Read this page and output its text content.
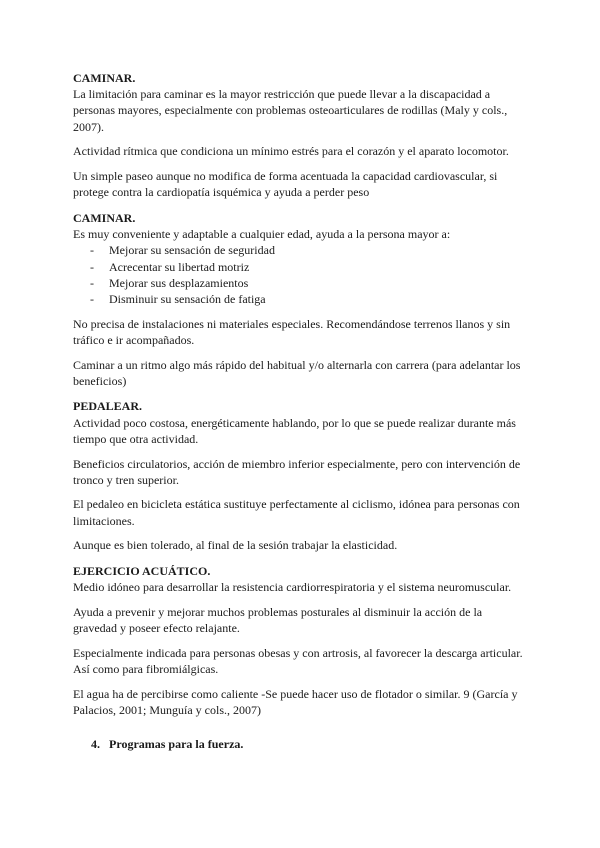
CAMINAR.

La limitación para caminar es la mayor restricción que puede llevar a la discapacidad a personas mayores, especialmente con problemas osteoarticulares de rodillas (Maly y cols., 2007).

Actividad rítmica que condiciona un mínimo estrés para el corazón y el aparato locomotor.

Un simple paseo aunque no modifica de forma acentuada la capacidad cardiovascular, si protege contra la cardiopatía isquémica y ayuda a perder peso

CAMINAR.

Es muy conveniente y adaptable a cualquier edad, ayuda a la persona mayor a:

- Mejorar su sensación de seguridad
- Acrecentar su libertad motriz
- Mejorar sus desplazamientos
- Disminuir su sensación de fatiga

No precisa de instalaciones ni materiales especiales. Recomendándose terrenos llanos y sin tráfico e ir acompañados.

Caminar a un ritmo algo más rápido del habitual y/o alternarla con carrera (para adelantar los beneficios)

PEDALEAR.

Actividad poco costosa, energéticamente hablando, por lo que se puede realizar durante más tiempo que otra actividad.

Beneficios circulatorios, acción de miembro inferior especialmente, pero con intervención de tronco y tren superior.

El pedaleo en bicicleta estática sustituye perfectamente al ciclismo, idónea para personas con limitaciones.

Aunque es bien tolerado, al final de la sesión trabajar la elasticidad.

EJERCICIO ACUÁTICO.

Medio idóneo para desarrollar la resistencia cardiorrespiratoria y el sistema neuromuscular.

Ayuda a prevenir y mejorar muchos problemas posturales al disminuir la acción de la gravedad y poseer efecto relajante.

Especialmente indicada para personas obesas y con artrosis, al favorecer la descarga articular. Así como para fibromiálgicas.

El agua ha de percibirse como caliente -Se puede hacer uso de flotador o similar. 9 (García y Palacios, 2001; Munguía y cols., 2007)

4. Programas para la fuerza.
